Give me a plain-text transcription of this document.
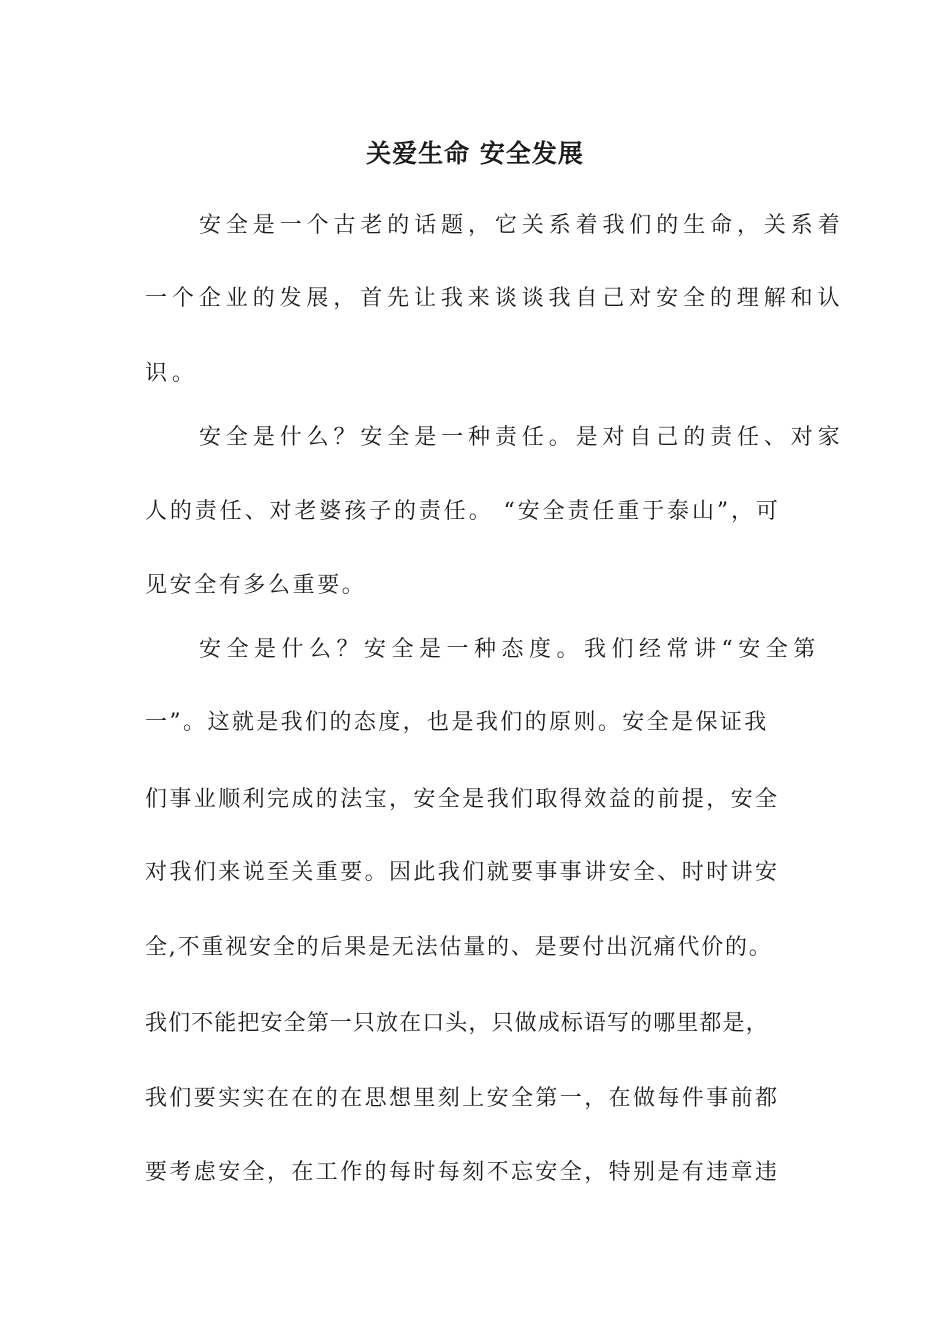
关爱生命 安全发展

安全是一个古老的话题，它关系着我们的生命，关系着

一个企业的发展，首先让我来谈谈我自己对安全的理解和认

识。

安全是什么？安全是一种责任。是对自己的责任、对家

人的责任、对老婆孩子的责任。 “安全责任重于泰山”，可

见安全有多么重要。

安全是什么？安全是一种态度。我们经常讲“安全第

一”。这就是我们的态度，也是我们的原则。安全是保证我

们事业顺利完成的法宝，安全是我们取得效益的前提，安全

对我们来说至关重要。因此我们就要事事讲安全、时时讲安

全,不重视安全的后果是无法估量的、是要付出沉痛代价的。

我们不能把安全第一只放在口头，只做成标语写的哪里都是，

我们要实实在在的在思想里刻上安全第一，在做每件事前都

要考虑安全，在工作的每时每刻不忘安全，特别是有违章违
